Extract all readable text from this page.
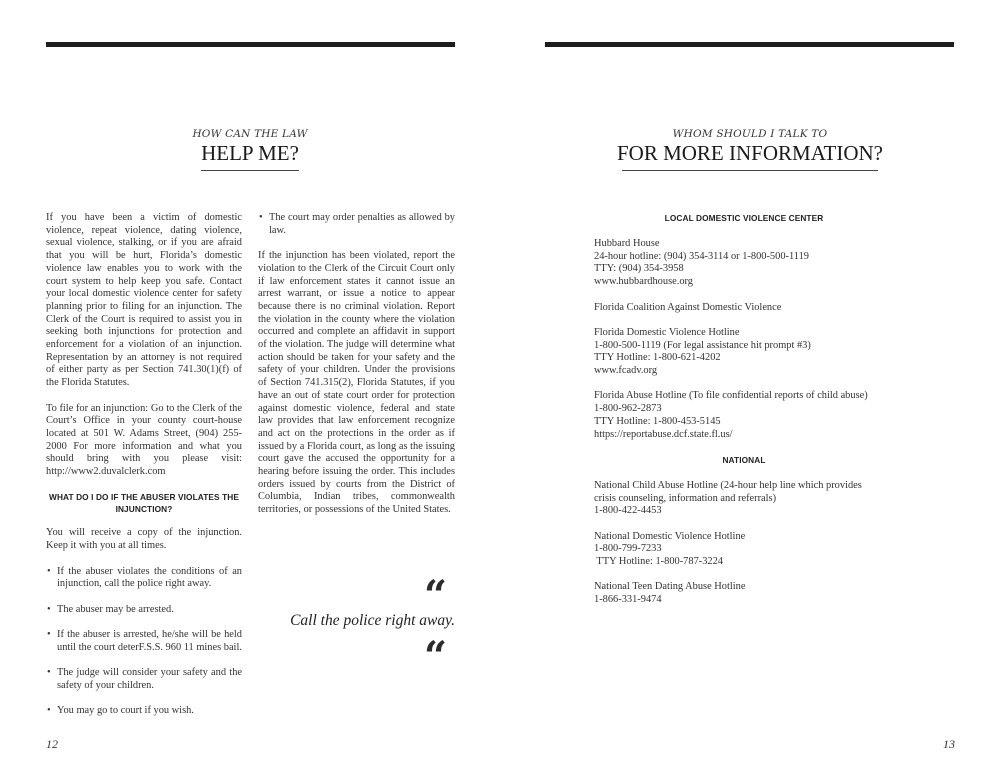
HOW CAN THE LAW
HELP ME?

If you have been a victim of domestic violence, repeat violence, dating violence, sexual violence, stalking, or if you are afraid that you will be hurt, Florida’s domestic violence law enables you to work with the court system to help keep you safe. Contact your local domestic violence center for safety planning prior to filing for an injunction. The Clerk of the Court is required to assist you in seeking both injunctions for protection and enforcement for a violation of an injunction. Representation by an attorney is not required of either party as per Section 741.30(1)(f) of the Florida Statutes.

To file for an injunction: Go to the Clerk of the Court’s Office in your county court-house located at 501 W. Adams Street, (904) 255-2000 For more information and what you should bring with you please visit: http://www2.duvalclerk.com

WHAT DO I DO IF THE ABUSER VIOLATES THE INJUNCTION?

You will receive a copy of the injunction. Keep it with you at all times.

• If the abuser violates the conditions of an injunction, call the police right away.
• The abuser may be arrested.
• If the abuser is arrested, he/she will be held until the court deterF.S.S. 960 11 mines bail.
• The judge will consider your safety and the safety of your children.
• You may go to court if you wish.
• The court may order penalties as allowed by law.

If the injunction has been violated, report the violation to the Clerk of the Circuit Court only if law enforcement states it cannot issue an arrest warrant, or issue a notice to appear because there is no criminal violation. Report the violation in the county where the violation occurred and complete an affidavit in support of the violation. The judge will determine what action should be taken for your safety and the safety of your children. Under the provisions of Section 741.315(2), Florida Statutes, if you have an out of state court order for protection against domestic violence, federal and state law provides that law enforcement recognize and act on the protections in the order as if issued by a Florida court, as long as the issuing court gave the accused the opportunity for a hearing before issuing the order. This includes orders issued by courts from the District of Columbia, Indian tribes, commonwealth territories, or possessions of the United States.

“
Call the police right away.
“
12
WHOM SHOULD I TALK TO
FOR MORE INFORMATION?
LOCAL DOMESTIC VIOLENCE CENTER
Hubbard House
24-hour hotline: (904) 354-3114 or 1-800-500-1119
TTY: (904) 354-3958
www.hubbardhouse.org
Florida Coalition Against Domestic Violence
Florida Domestic Violence Hotline
1-800-500-1119 (For legal assistance hit prompt #3)
TTY Hotline: 1-800-621-4202
www.fcadv.org
Florida Abuse Hotline (To file confidential reports of child abuse)
1-800-962-2873
TTY Hotline: 1-800-453-5145
https://reportabuse.dcf.state.fl.us/
NATIONAL
National Child Abuse Hotline (24-hour help line which provides
crisis counseling, information and referrals)
1-800-422-4453
National Domestic Violence Hotline
1-800-799-7233
TTY Hotline: 1-800-787-3224
National Teen Dating Abuse Hotline
1-866-331-9474
13
